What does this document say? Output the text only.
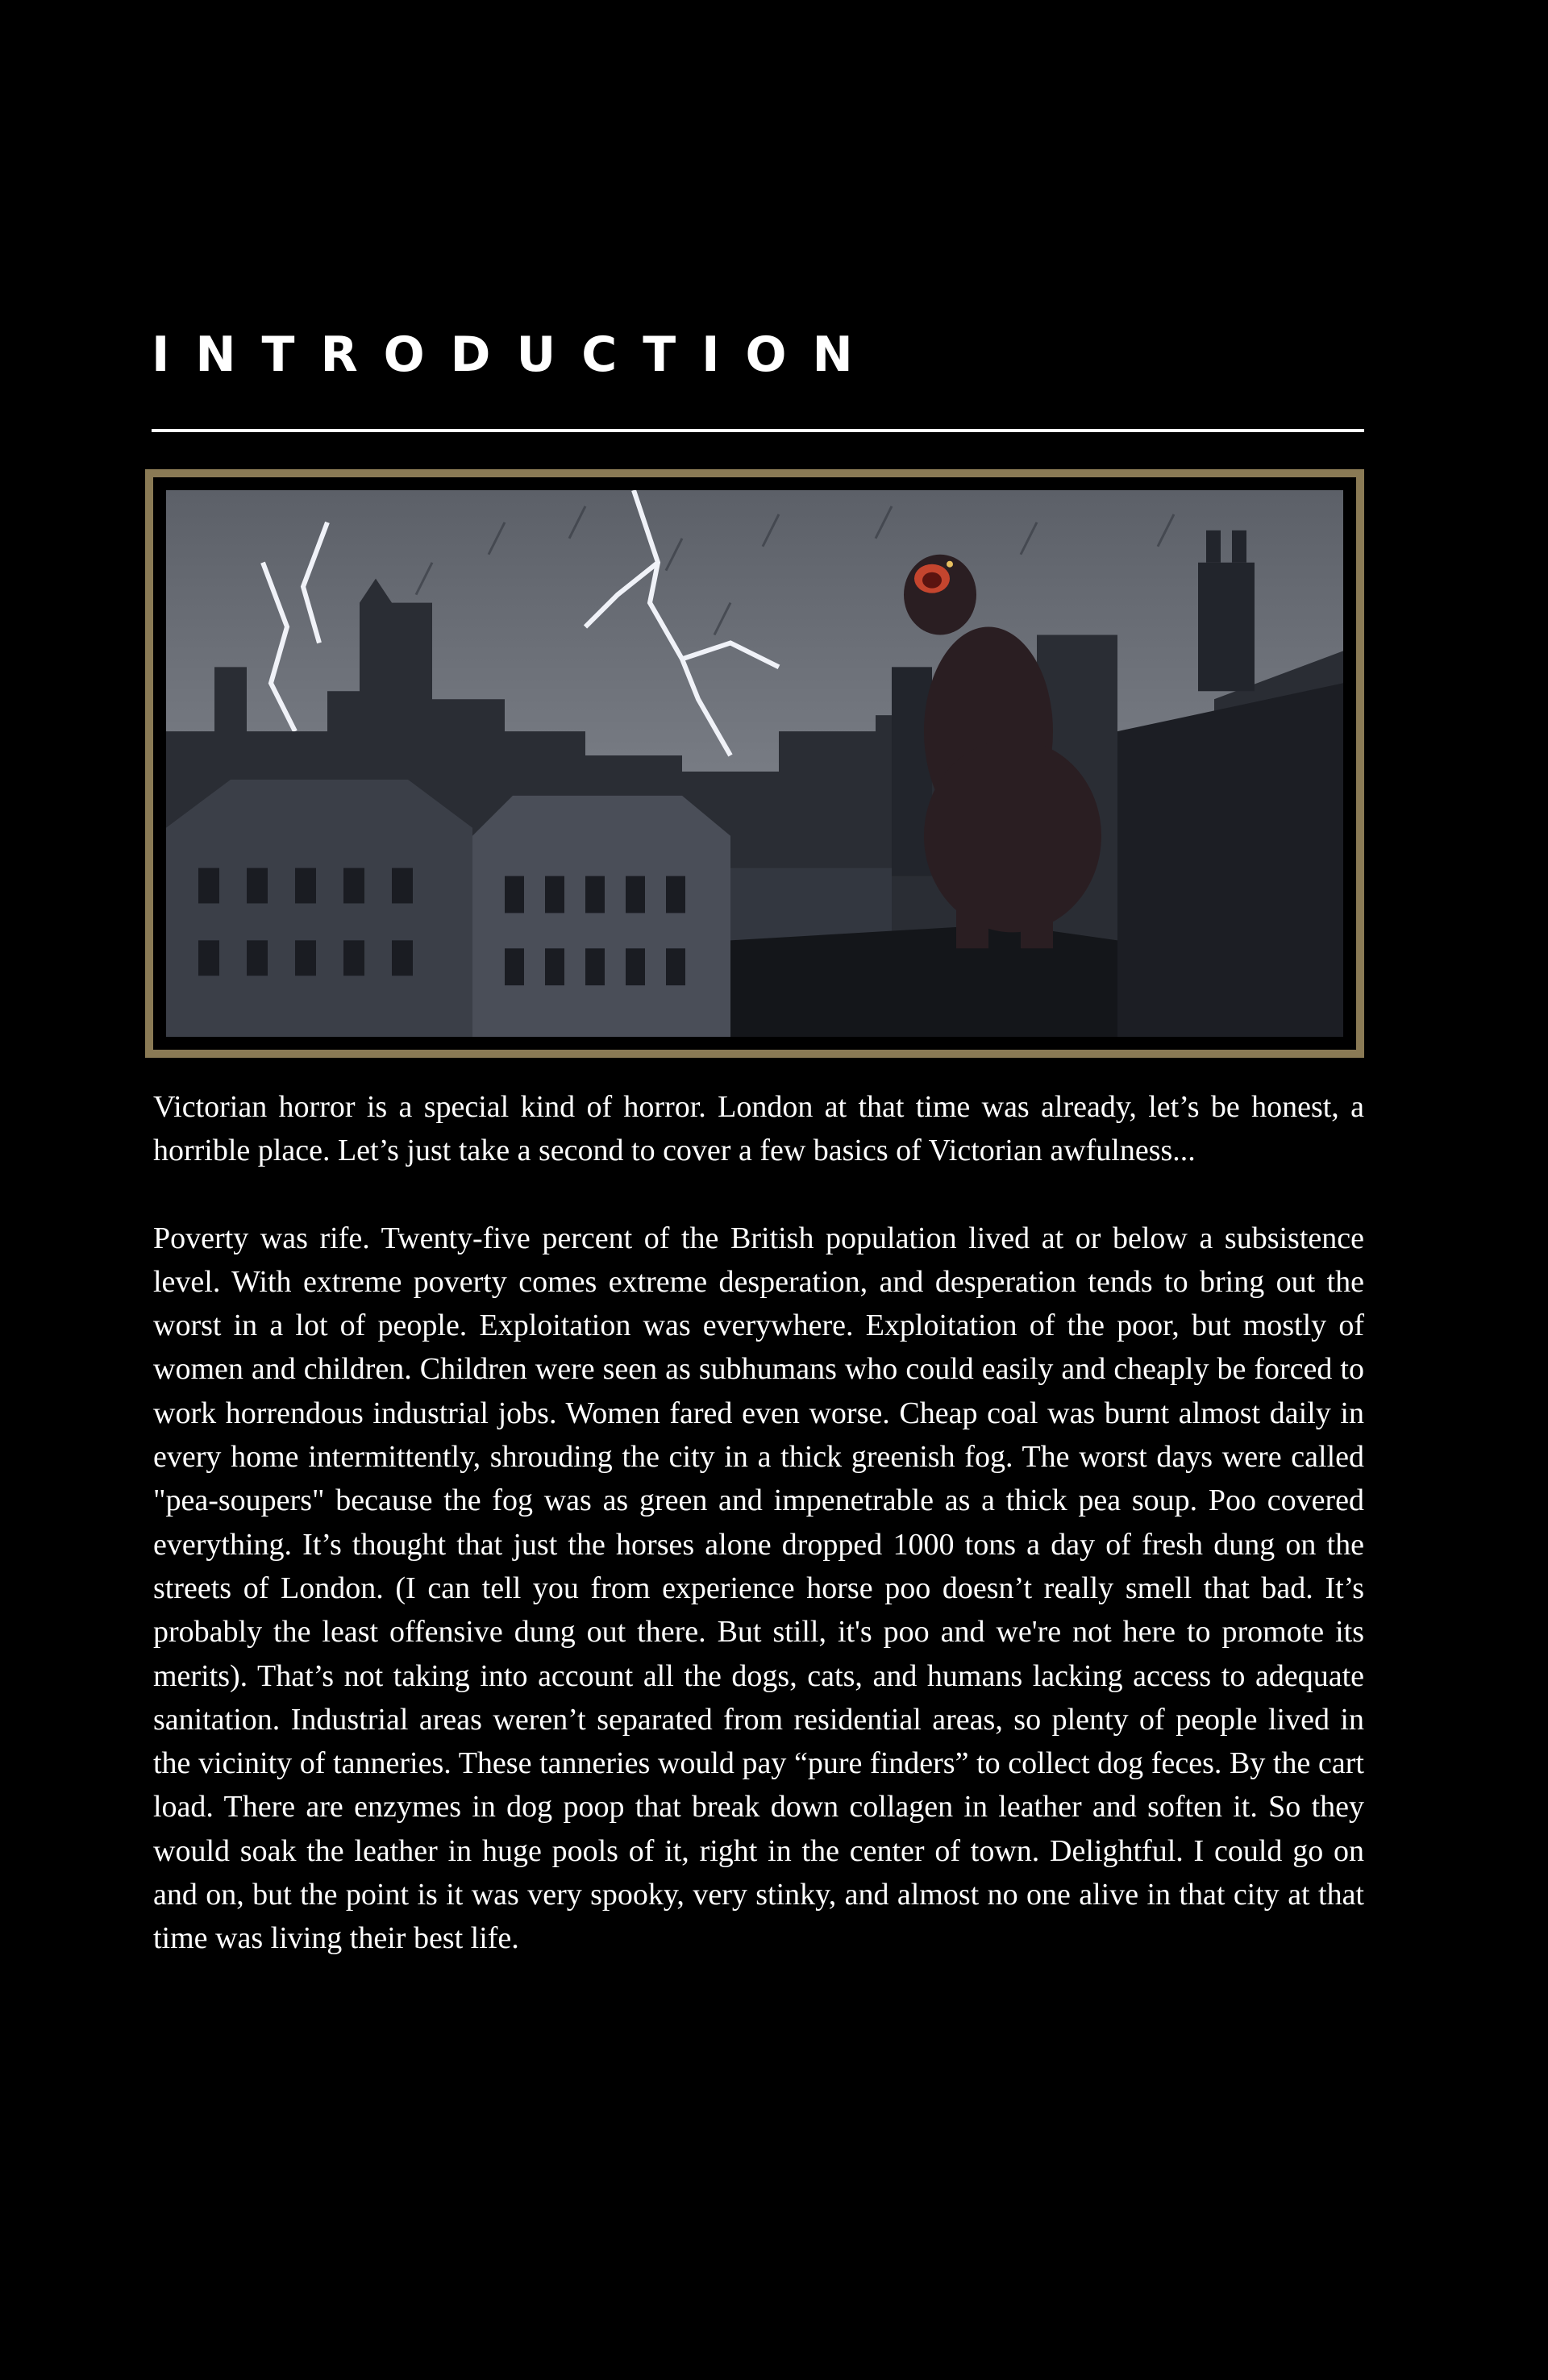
INTRODUCTION

Victorian horror is a special kind of horror. London at that time was already, let’s be honest, a horrible place. Let’s just take a second to cover a few basics of Victorian awfulness...

Poverty was rife. Twenty-five percent of the British population lived at or below a subsistence level. With extreme poverty comes extreme desperation, and desperation tends to bring out the worst in a lot of people. Exploitation was everywhere. Exploitation of the poor, but mostly of women and children. Children were seen as subhumans who could easily and cheaply be forced to work horrendous industrial jobs. Women fared even worse. Cheap coal was burnt almost daily in every home intermittently, shrouding the city in a thick greenish fog. The worst days were called "pea-soupers" because the fog was as green and impenetrable as a thick pea soup. Poo covered everything. It’s thought that just the horses alone dropped 1000 tons a day of fresh dung on the streets of London. (I can tell you from experience horse poo doesn’t really smell that bad. It’s probably the least offensive dung out there. But still, it's poo and we're not here to promote its merits). That’s not taking into account all the dogs, cats, and humans lacking access to adequate sanitation. Industrial areas weren’t separated from residential areas, so plenty of people lived in the vicinity of tanneries. These tanneries would pay “pure finders” to collect dog feces. By the cart load. There are enzymes in dog poop that break down collagen in leather and soften it. So they would soak the leather in huge pools of it, right in the center of town. Delightful. I could go on and on, but the point is it was very spooky, very stinky, and almost no one alive in that city at that time was living their best life.
